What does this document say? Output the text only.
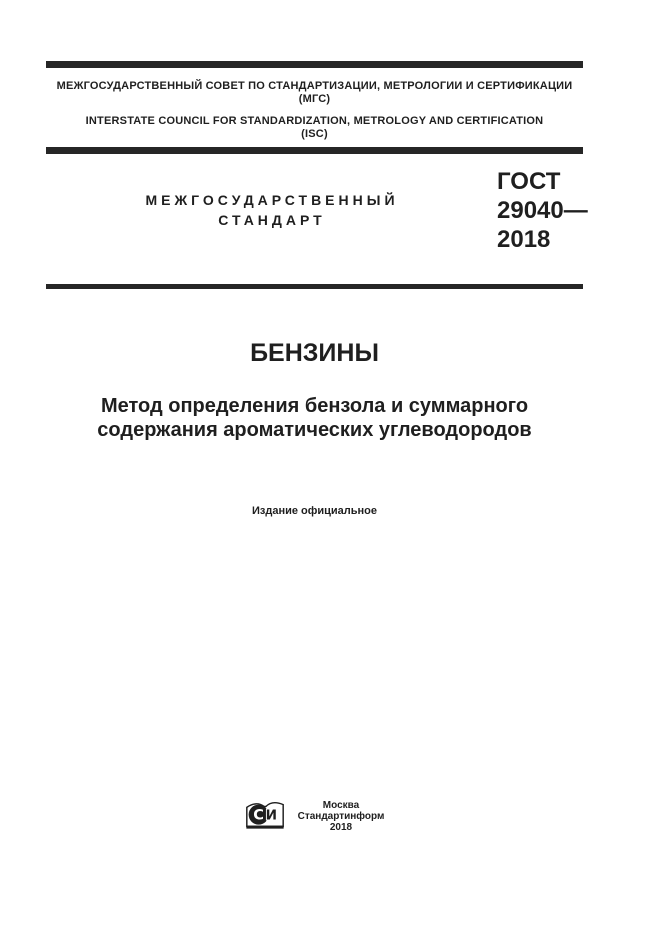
МЕЖГОСУДАРСТВЕННЫЙ СОВЕТ ПО СТАНДАРТИЗАЦИИ, МЕТРОЛОГИИ И СЕРТИФИКАЦИИ
(МГС)
INTERSTATE COUNCIL FOR STANDARDIZATION, METROLOGY AND CERTIFICATION
(ISC)
МЕЖГОСУДАРСТВЕННЫЙ
СТАНДАРТ
ГОСТ
29040—
2018
БЕНЗИНЫ
Метод определения бензола и суммарного
содержания ароматических углеводородов
Издание официальное
С И
Москва
Стандартинформ
2018
